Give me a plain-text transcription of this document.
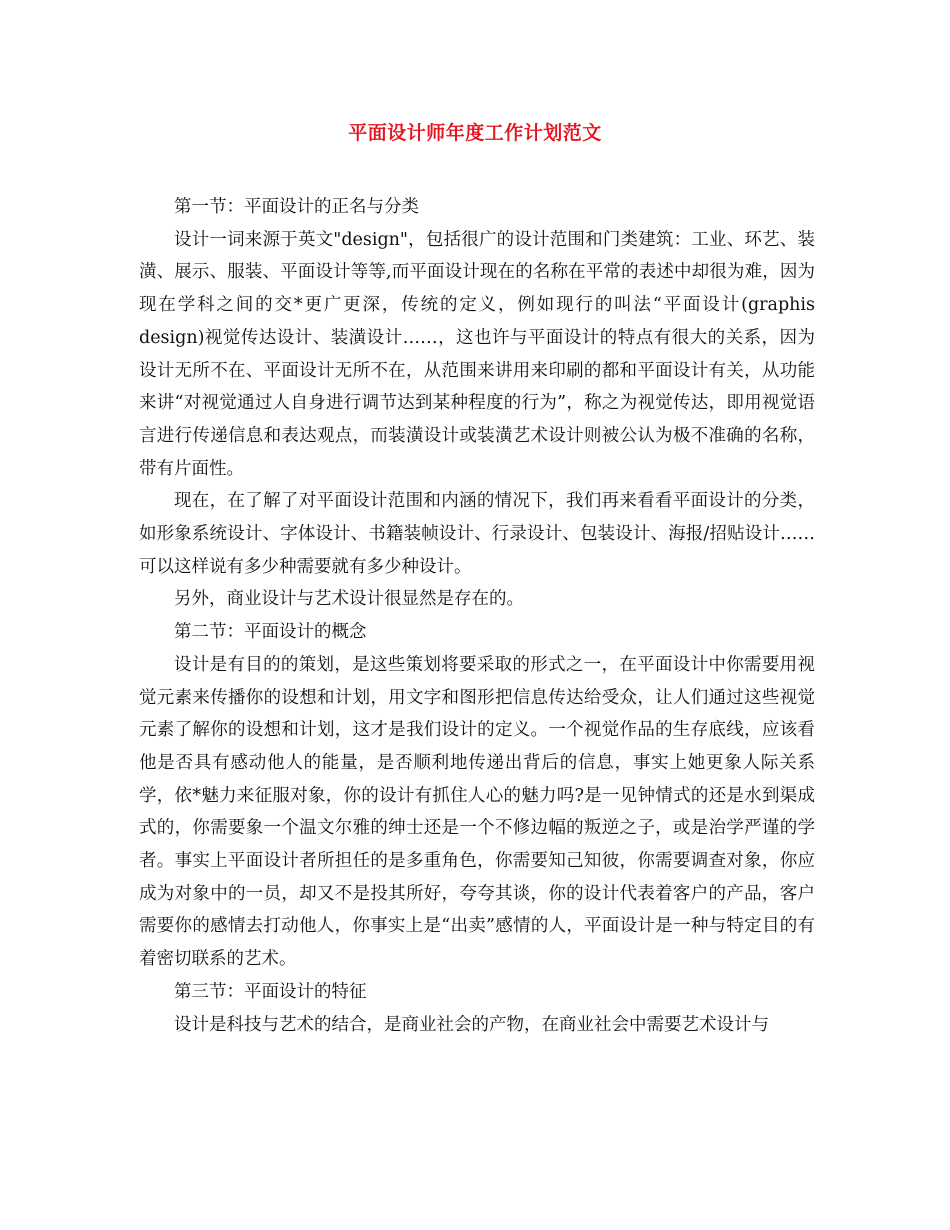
平面设计师年度工作计划范文

第一节：平面设计的正名与分类

设计一词来源于英文"design"，包括很广的设计范围和门类建筑：工业、环艺、装潢、展示、服装、平面设计等等,而平面设计现在的名称在平常的表述中却很为难，因为现在学科之间的交*更广更深，传统的定义，例如现行的叫法“平面设计(graphis design)视觉传达设计、装潢设计……，这也许与平面设计的特点有很大的关系，因为设计无所不在、平面设计无所不在，从范围来讲用来印刷的都和平面设计有关，从功能来讲“对视觉通过人自身进行调节达到某种程度的行为”，称之为视觉传达，即用视觉语言进行传递信息和表达观点，而装潢设计或装潢艺术设计则被公认为极不准确的名称，带有片面性。

现在，在了解了对平面设计范围和内涵的情况下，我们再来看看平面设计的分类，如形象系统设计、字体设计、书籍装帧设计、行录设计、包装设计、海报/招贴设计……可以这样说有多少种需要就有多少种设计。

另外，商业设计与艺术设计很显然是存在的。

第二节：平面设计的概念

设计是有目的的策划，是这些策划将要采取的形式之一，在平面设计中你需要用视觉元素来传播你的设想和计划，用文字和图形把信息传达给受众，让人们通过这些视觉元素了解你的设想和计划，这才是我们设计的定义。一个视觉作品的生存底线，应该看他是否具有感动他人的能量，是否顺利地传递出背后的信息，事实上她更象人际关系学，依*魅力来征服对象，你的设计有抓住人心的魅力吗?是一见钟情式的还是水到渠成式的，你需要象一个温文尔雅的绅士还是一个不修边幅的叛逆之子，或是治学严谨的学者。事实上平面设计者所担任的是多重角色，你需要知己知彼，你需要调查对象，你应成为对象中的一员，却又不是投其所好，夸夸其谈，你的设计代表着客户的产品，客户需要你的感情去打动他人，你事实上是“出卖”感情的人，平面设计是一种与特定目的有着密切联系的艺术。

第三节：平面设计的特征

设计是科技与艺术的结合，是商业社会的产物，在商业社会中需要艺术设计与
